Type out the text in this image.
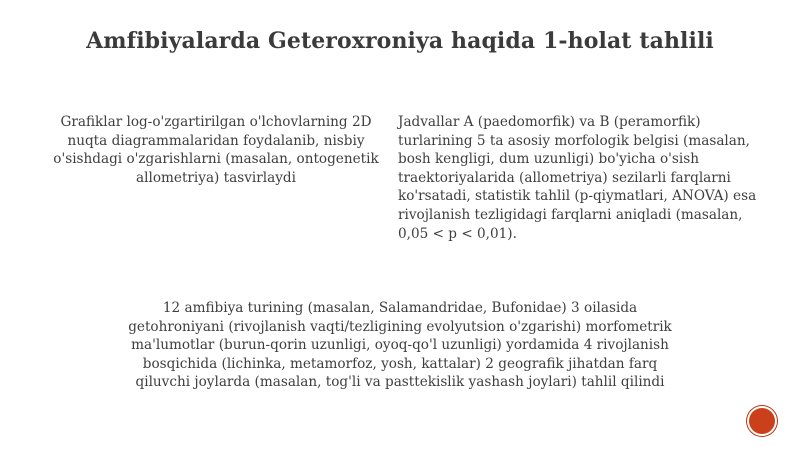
Amfibiyalarda Geteroxroniya haqida 1-holat tahlili
Grafiklar log-o'zgartirilgan o'lchovlarning 2D nuqta diagrammalaridan foydalanib, nisbiy o'sishdagi o'zgarishlarni (masalan, ontogenetik allometriya) tasvirlaydi
Jadvallar A (paedomorfik) va B (peramorfik) turlarining 5 ta asosiy morfologik belgisi (masalan, bosh kengligi, dum uzunligi) bo'yicha o'sish traektoriyalarida (allometriya) sezilarli farqlarni ko'rsatadi, statistik tahlil (p-qiymatlari, ANOVA) esa rivojlanish tezligidagi farqlarni aniqladi (masalan, 0,05 < p < 0,01).
12 amfibiya turining (masalan, Salamandridae, Bufonidae) 3 oilasida getohroniyani (rivojlanish vaqti/tezligining evolyutsion o'zgarishi) morfometrik ma'lumotlar (burun-qorin uzunligi, oyoq-qo'l uzunligi) yordamida 4 rivojlanish bosqichida (lichinka, metamorfoz, yosh, kattalar) 2 geografik jihatdan farq qiluvchi joylarda (masalan, tog'li va pasttekislik yashash joylari) tahlil qilindi
